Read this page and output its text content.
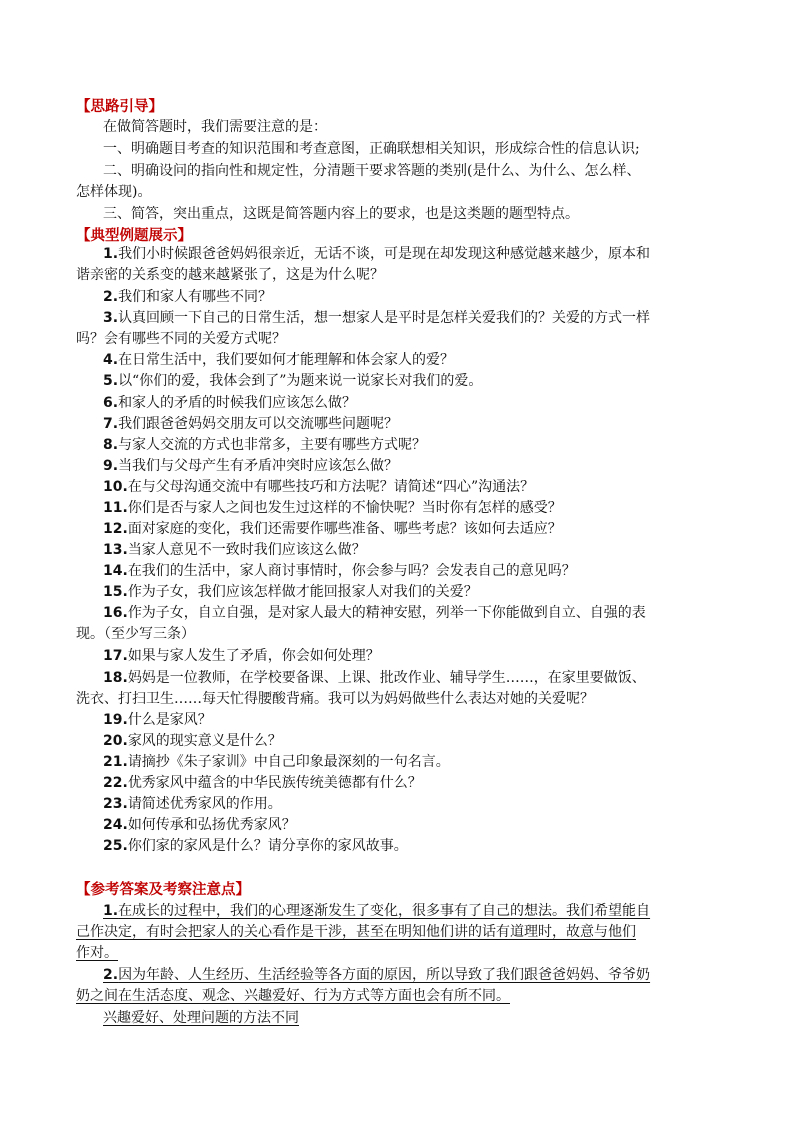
【思路引导】
在做简答题时，我们需要注意的是：
一、明确题目考查的知识范围和考查意图，正确联想相关知识，形成综合性的信息认识;
二、明确设问的指向性和规定性，分清题干要求答题的类别(是什么、为什么、怎么样、
怎样体现)。
三、简答，突出重点，这既是简答题内容上的要求，也是这类题的题型特点。
【典型例题展示】
1.我们小时候跟爸爸妈妈很亲近，无话不谈，可是现在却发现这种感觉越来越少，原本和
谐亲密的关系变的越来越紧张了，这是为什么呢？
2.我们和家人有哪些不同？
3.认真回顾一下自己的日常生活，想一想家人是平时是怎样关爱我们的？关爱的方式一样
吗？会有哪些不同的关爱方式呢？
4.在日常生活中，我们要如何才能理解和体会家人的爱？
5.以“你们的爱，我体会到了”为题来说一说家长对我们的爱。
6.和家人的矛盾的时候我们应该怎么做？
7.我们跟爸爸妈妈交朋友可以交流哪些问题呢？
8.与家人交流的方式也非常多，主要有哪些方式呢？
9.当我们与父母产生有矛盾冲突时应该怎么做？
10.在与父母沟通交流中有哪些技巧和方法呢？请简述“四心”沟通法？
11.你们是否与家人之间也发生过这样的不愉快呢？当时你有怎样的感受？
12.面对家庭的变化，我们还需要作哪些准备、哪些考虑？该如何去适应？
13.当家人意见不一致时我们应该这么做？
14.在我们的生活中，家人商讨事情时，你会参与吗？会发表自己的意见吗？
15.作为子女，我们应该怎样做才能回报家人对我们的关爱？
16.作为子女，自立自强，是对家人最大的精神安慰，列举一下你能做到自立、自强的表
现。（至少写三条）
17.如果与家人发生了矛盾，你会如何处理？
18.妈妈是一位教师，在学校要备课、上课、批改作业、辅导学生……，在家里要做饭、
洗衣、打扫卫生……每天忙得腰酸背痛。我可以为妈妈做些什么表达对她的关爱呢？
19.什么是家风？
20.家风的现实意义是什么？
21.请摘抄《朱子家训》中自己印象最深刻的一句名言。
22.优秀家风中蕴含的中华民族传统美德都有什么？
23.请简述优秀家风的作用。
24.如何传承和弘扬优秀家风？
25.你们家的家风是什么？请分享你的家风故事。
【参考答案及考察注意点】
1.在成长的过程中，我们的心理逐渐发生了变化，很多事有了自己的想法。我们希望能自
己作决定，有时会把家人的关心看作是干涉，甚至在明知他们讲的话有道理时，故意与他们
作对。
2.因为年龄、人生经历、生活经验等各方面的原因，所以导致了我们跟爸爸妈妈、爷爷奶
奶之间在生活态度、观念、兴趣爱好、行为方式等方面也会有所不同。
兴趣爱好、处理问题的方法不同
